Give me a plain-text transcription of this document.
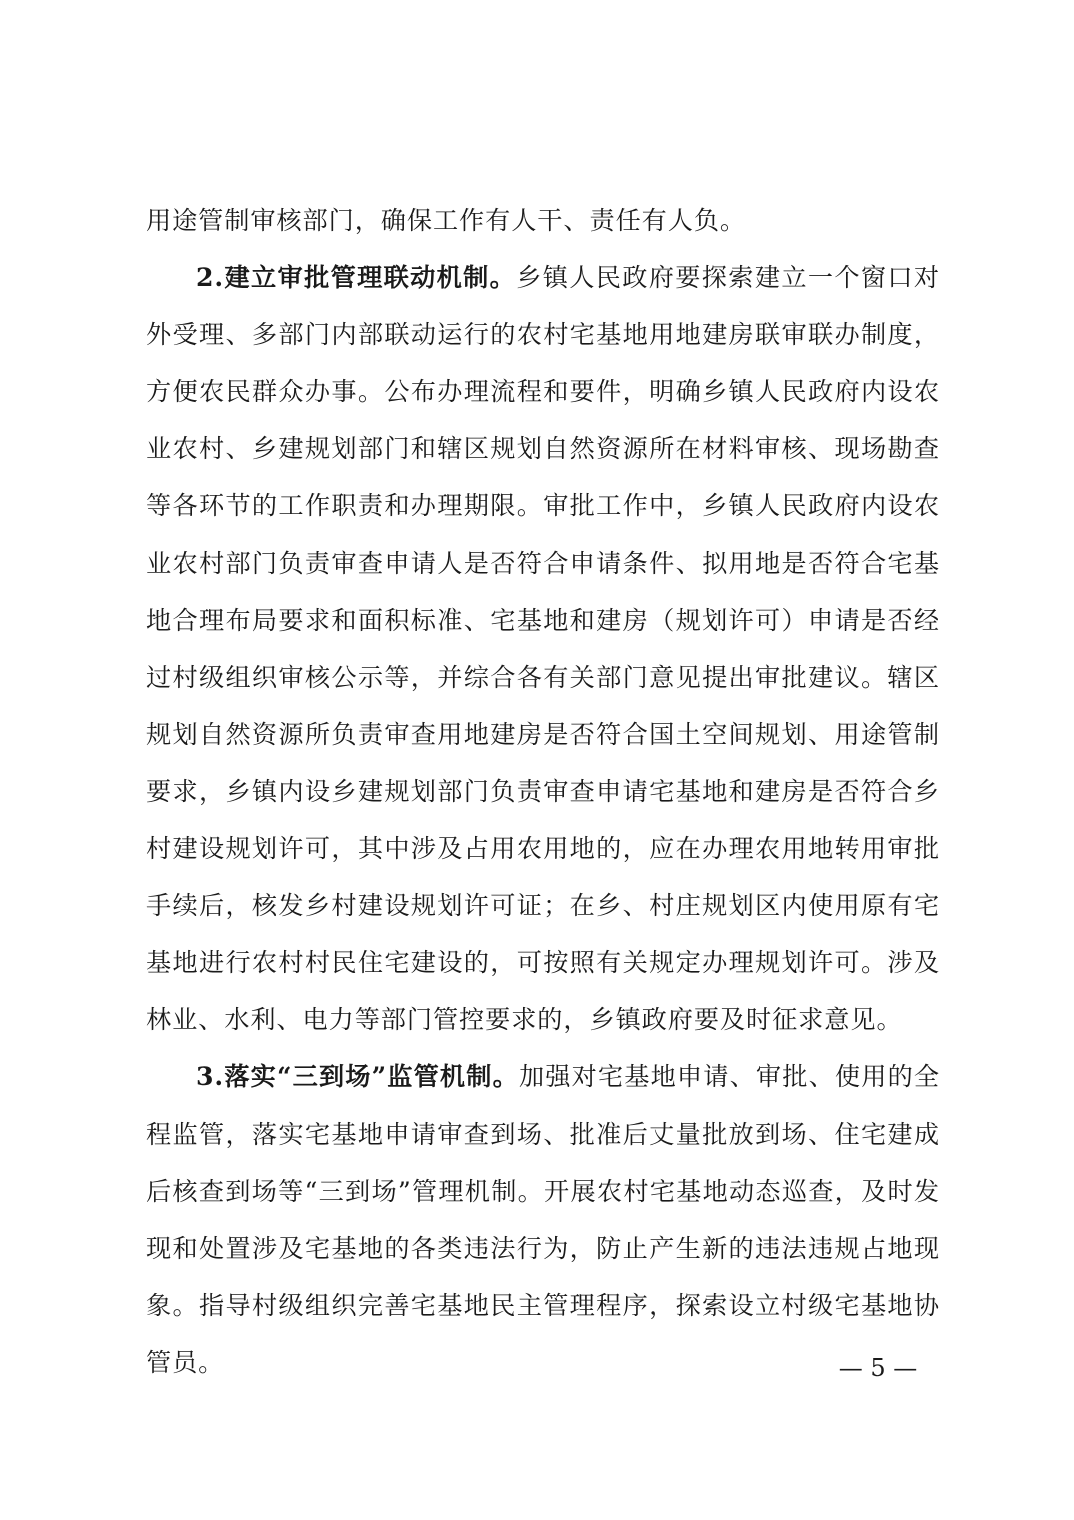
用途管制审核部门，确保工作有人干、责任有人负。

2.建立审批管理联动机制。乡镇人民政府要探索建立一个窗口对外受理、多部门内部联动运行的农村宅基地用地建房联审联办制度，方便农民群众办事。公布办理流程和要件，明确乡镇人民政府内设农业农村、乡建规划部门和辖区规划自然资源所在材料审核、现场勘查等各环节的工作职责和办理期限。审批工作中，乡镇人民政府内设农业农村部门负责审查申请人是否符合申请条件、拟用地是否符合宅基地合理布局要求和面积标准、宅基地和建房（规划许可）申请是否经过村级组织审核公示等，并综合各有关部门意见提出审批建议。辖区规划自然资源所负责审查用地建房是否符合国土空间规划、用途管制要求，乡镇内设乡建规划部门负责审查申请宅基地和建房是否符合乡村建设规划许可，其中涉及占用农用地的，应在办理农用地转用审批手续后，核发乡村建设规划许可证；在乡、村庄规划区内使用原有宅基地进行农村村民住宅建设的，可按照有关规定办理规划许可。涉及林业、水利、电力等部门管控要求的，乡镇政府要及时征求意见。

3.落实“三到场”监管机制。加强对宅基地申请、审批、使用的全程监管，落实宅基地申请审查到场、批准后丈量批放到场、住宅建成后核查到场等“三到场”管理机制。开展农村宅基地动态巡查，及时发现和处置涉及宅基地的各类违法行为，防止产生新的违法违规占地现象。指导村级组织完善宅基地民主管理程序，探索设立村级宅基地协管员。	— 5 —
